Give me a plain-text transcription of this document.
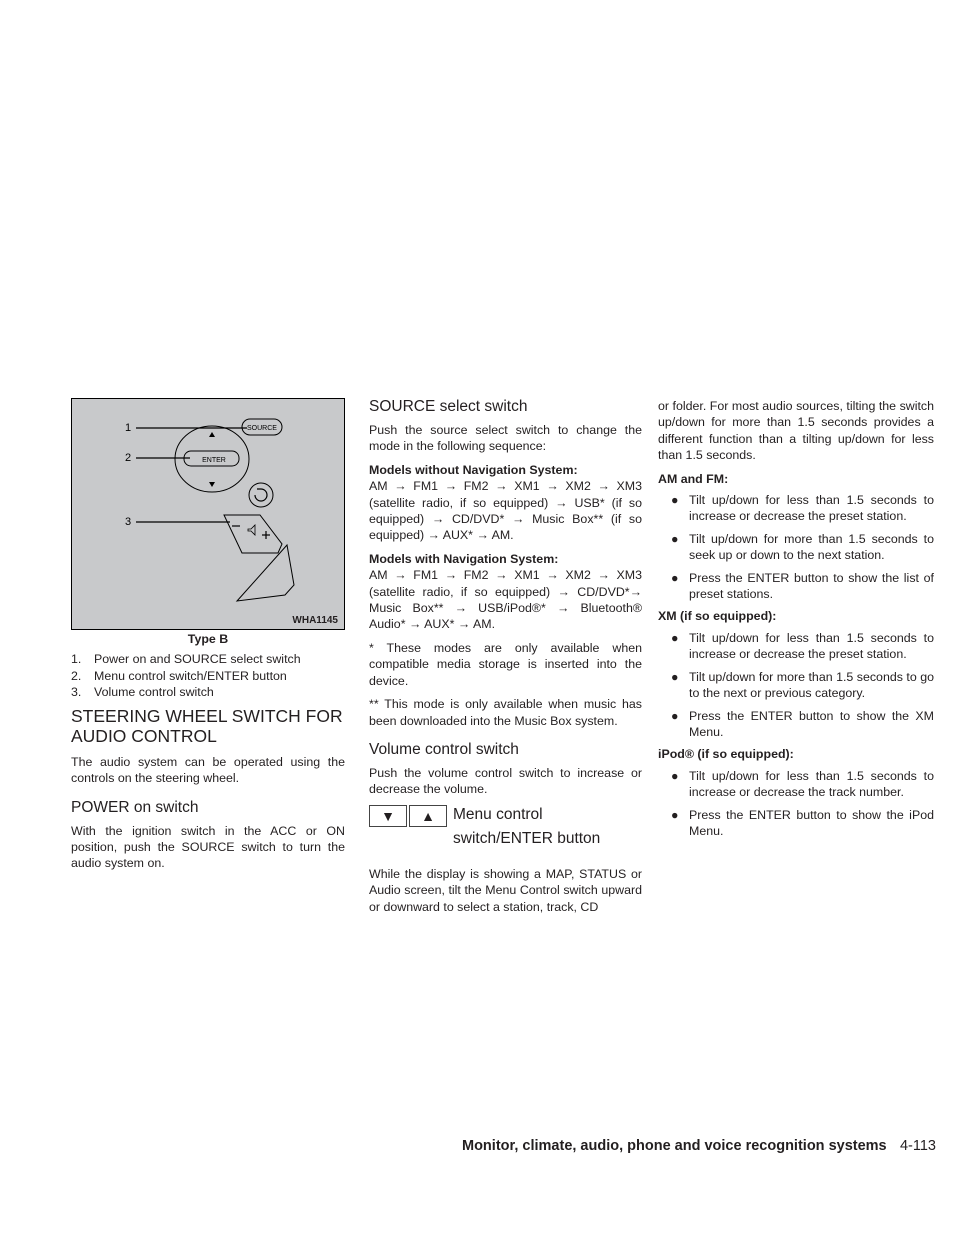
1
2
3
SOURCE
ENTER
WHA1145
Type B
1. Power on and SOURCE select switch
2. Menu control switch/ENTER button
3. Volume control switch
STEERING WHEEL SWITCH FOR AUDIO CONTROL

The audio system can be operated using the controls on the steering wheel.

POWER on switch

With the ignition switch in the ACC or ON position, push the SOURCE switch to turn the audio system on.

SOURCE select switch

Push the source select switch to change the mode in the following sequence:

Models without Navigation System:

AM → FM1 → FM2 → XM1 → XM2 → XM3 (satellite radio, if so equipped) → USB* (if so equipped) → CD/DVD* → Music Box** (if so equipped) → AUX* → AM.

Models with Navigation System:

AM → FM1 → FM2 → XM1 → XM2 → XM3 (satellite radio, if so equipped) → CD/DVD*→ Music Box** → USB/iPod®* → Bluetooth® Audio* → AUX* → AM.

* These modes are only available when compatible media storage is inserted into the device.

** This mode is only available when music has been downloaded into the Music Box system.

Volume control switch

Push the volume control switch to increase or decrease the volume.

▼	▲	Menu control switch/ENTER button

While the display is showing a MAP, STATUS or Audio screen, tilt the Menu Control switch upward or downward to select a station, track, CD

or folder. For most audio sources, tilting the switch up/down for more than 1.5 seconds provides a different function than a tilting up/down for less than 1.5 seconds.

AM and FM:
● Tilt up/down for less than 1.5 seconds to increase or decrease the preset station.
● Tilt up/down for more than 1.5 seconds to seek up or down to the next station.
● Press the ENTER button to show the list of preset stations.
XM (if so equipped):
● Tilt up/down for less than 1.5 seconds to increase or decrease the preset station.
● Tilt up/down for more than 1.5 seconds to go to the next or previous category.
● Press the ENTER button to show the XM Menu.
iPod® (if so equipped):
● Tilt up/down for less than 1.5 seconds to increase or decrease the track number.
● Press the ENTER button to show the iPod Menu.
Monitor, climate, audio, phone and voice recognition systems 4-113
